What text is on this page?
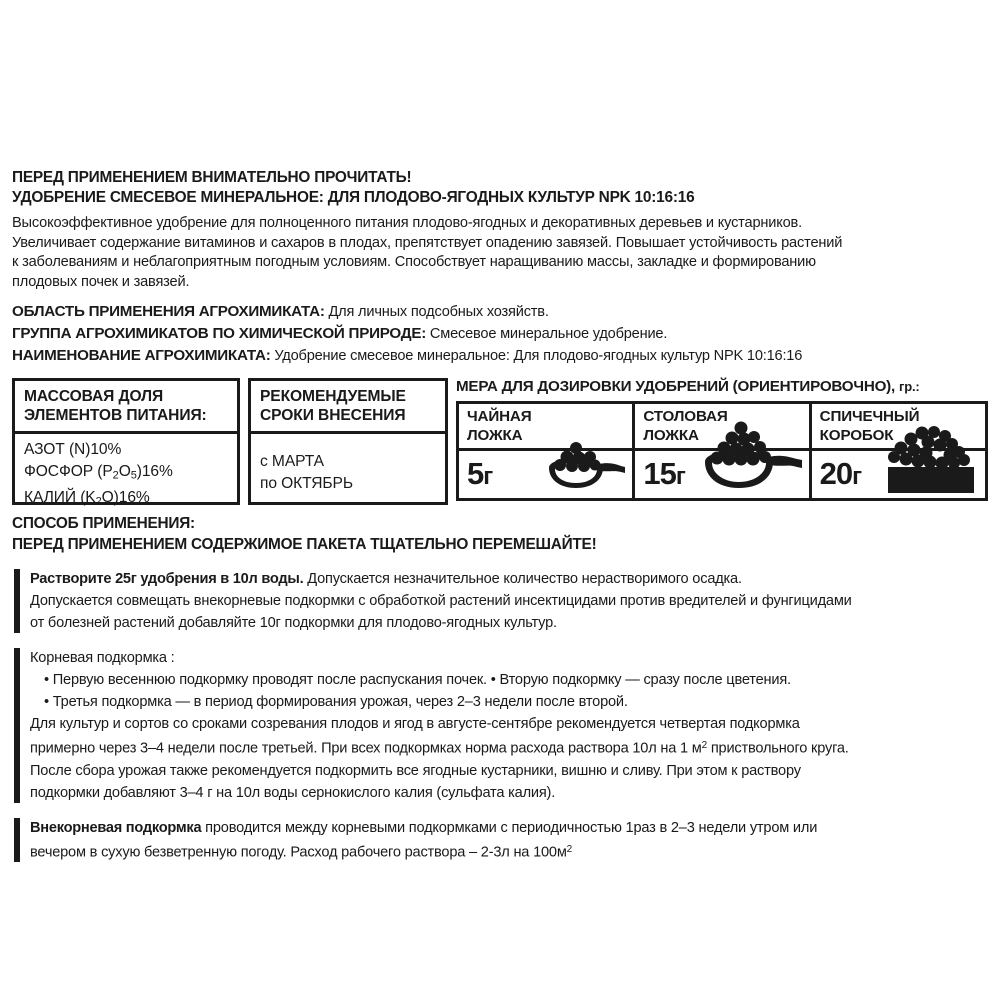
ПЕРЕД ПРИМЕНЕНИЕМ ВНИМАТЕЛЬНО ПРОЧИТАТЬ!
УДОБРЕНИЕ СМЕСЕВОЕ МИНЕРАЛЬНОЕ: ДЛЯ ПЛОДОВО-ЯГОДНЫХ КУЛЬТУР NPK 10:16:16
Высокоэффективное удобрение для полноценного питания плодово-ягодных и декоративных деревьев и кустарников.
Увеличивает содержание витаминов и сахаров в плодах, препятствует опадению завязей. Повышает устойчивость растений
к заболеваниям и неблагоприятным погодным условиям. Способствует наращиванию массы, закладке и формированию
плодовых почек и завязей.
ОБЛАСТЬ ПРИМЕНЕНИЯ АГРОХИМИКАТА: Для личных подсобных хозяйств.
ГРУППА АГРОХИМИКАТОВ ПО ХИМИЧЕСКОЙ ПРИРОДЕ: Смесевое минеральное удобрение.
НАИМЕНОВАНИЕ АГРОХИМИКАТА: Удобрение смесевое минеральное: Для плодово-ягодных культур NPK 10:16:16
МАССОВАЯ ДОЛЯ
ЭЛЕМЕНТОВ ПИТАНИЯ:
АЗОТ (N)10%
ФОСФОР $(P_2O_5)16\%$
КАЛИЙ $(K_2O)16\%$
РЕКОМЕНДУЕМЫЕ
СРОКИ ВНЕСЕНИЯ
с МАРТА
по ОКТЯБРЬ
МЕРА ДЛЯ ДОЗИРОВКИ УДОБРЕНИЙ (ОРИЕНТИРОВОЧНО), гр.:
ЧАЙНАЯ
ЛОЖКА
5г
СТОЛОВАЯ
ЛОЖКА
15г
СПИЧЕЧНЫЙ
КОРОБОК
20г
СПОСОБ ПРИМЕНЕНИЯ:
ПЕРЕД ПРИМЕНЕНИЕМ СОДЕРЖИМОЕ ПАКЕТА ТЩАТЕЛЬНО ПЕРЕМЕШАЙТЕ!

Растворите 25г удобрения в 10л воды. Допускается незначительное количество нерастворимого осадка.

Допускается совмещать внекорневые подкормки с обработкой растений инсектицидами против вредителей и фунгицидами

от болезней растений добавляйте 10г подкормки для плодово-ягодных культур.

Корневая подкормка :

• Первую весеннюю подкормку проводят после распускания почек. • Вторую подкормку — сразу после цветения.

• Третья подкормка — в период формирования урожая, через 2–3 недели после второй.

Для культур и сортов со сроками созревания плодов и ягод в августе-сентябре рекомендуется четвертая подкормка

примерно через 3–4 недели после третьей. При всех подкормках норма расхода раствора 10л на 1 $м^2$ приствольного круга.

После сбора урожая также рекомендуется подкормить все ягодные кустарники, вишню и сливу. При этом к раствору

подкормки добавляют 3–4 г на 10л воды сернокислого калия (сульфата калия).

Внекорневая подкормка проводится между корневыми подкормками с периодичностью 1раз в 2–3 недели утром или

вечером в сухую безветренную погоду. Расход рабочего раствора – 2-3л на $100м^2$
